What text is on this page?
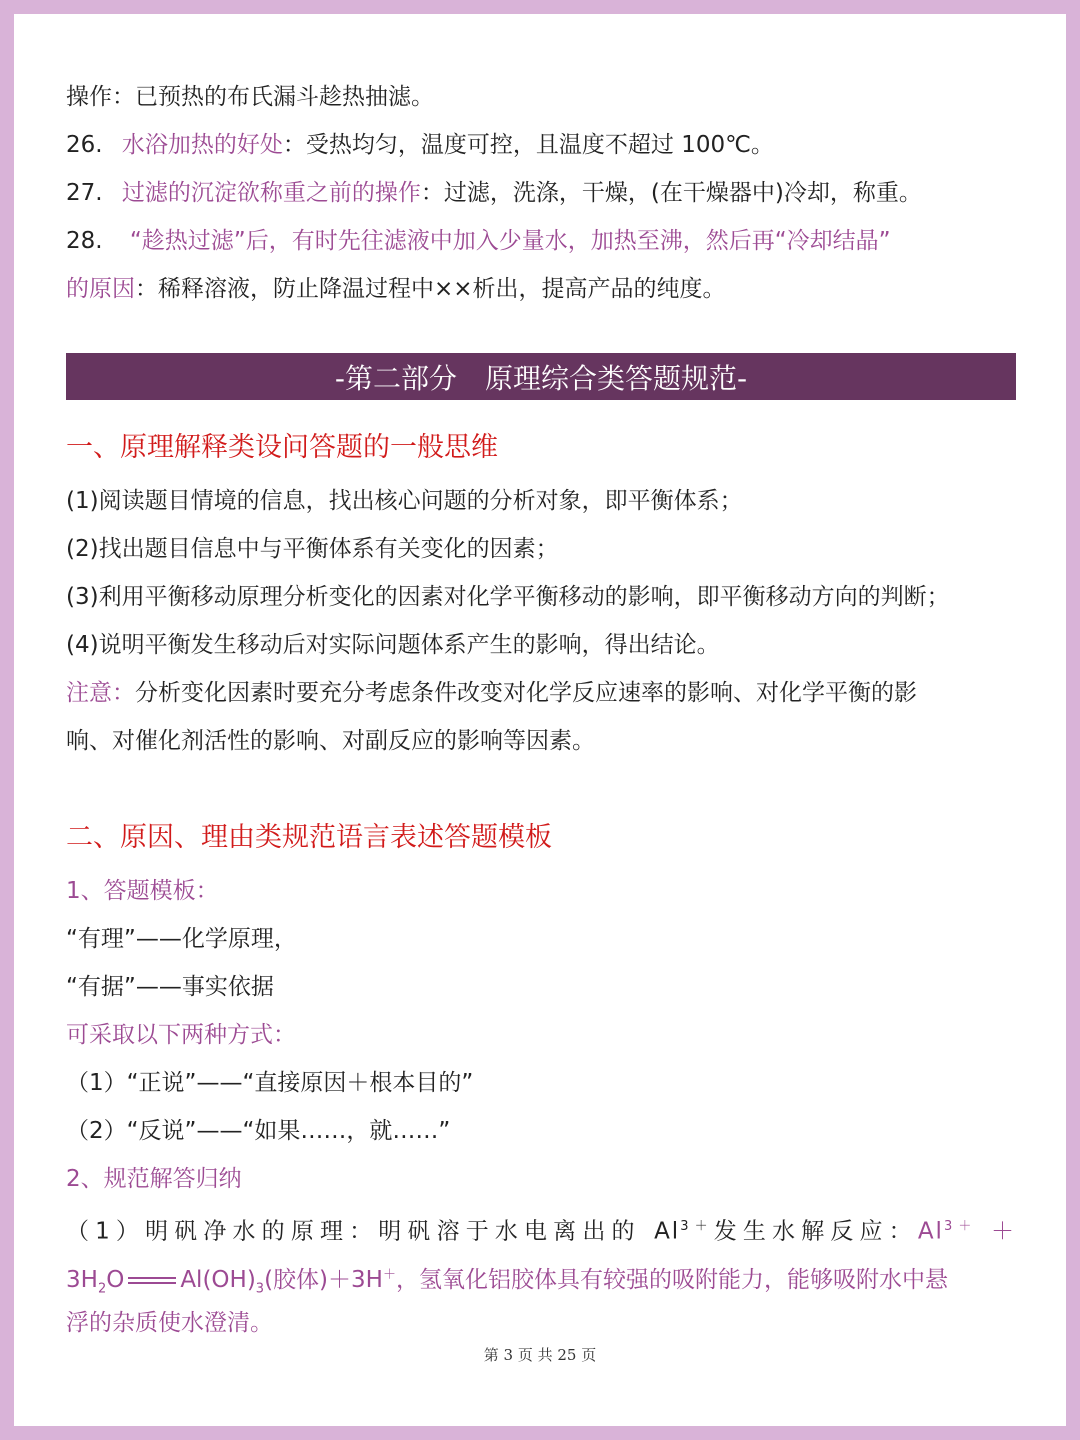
操作：已预热的布氏漏斗趁热抽滤。
26. 水浴加热的好处：受热均匀，温度可控，且温度不超过 100℃。
27. 过滤的沉淀欲称重之前的操作：过滤，洗涤，干燥，(在干燥器中)冷却，称重。
28. “趁热过滤”后，有时先往滤液中加入少量水，加热至沸，然后再“冷却结晶”
的原因：稀释溶液，防止降温过程中××析出，提高产品的纯度。
-第二部分　原理综合类答题规范-
一、原理解释类设问答题的一般思维
(1)阅读题目情境的信息，找出核心问题的分析对象，即平衡体系；
(2)找出题目信息中与平衡体系有关变化的因素；
(3)利用平衡移动原理分析变化的因素对化学平衡移动的影响，即平衡移动方向的判断；
(4)说明平衡发生移动后对实际问题体系产生的影响，得出结论。
注意：分析变化因素时要充分考虑条件改变对化学反应速率的影响、对化学平衡的影
响、对催化剂活性的影响、对副反应的影响等因素。
二、原因、理由类规范语言表述答题模板
1、答题模板：
“有理”——化学原理，
“有据”——事实依据
可采取以下两种方式：
（1）“正说”——“直接原因＋根本目的”
（2）“反说”——“如果……，就……”
2、规范解答归纳
（1）明矾净水的原理：明矾溶于水电离出的 $Al^{3+}$发生水解反应：$Al^{3+}$ ＋
$3H_2O$ $Al(OH)_3$(胶体)＋3H＋，氢氧化铝胶体具有较强的吸附能力，能够吸附水中悬
浮的杂质使水澄清。
第 3 页 共 25 页
